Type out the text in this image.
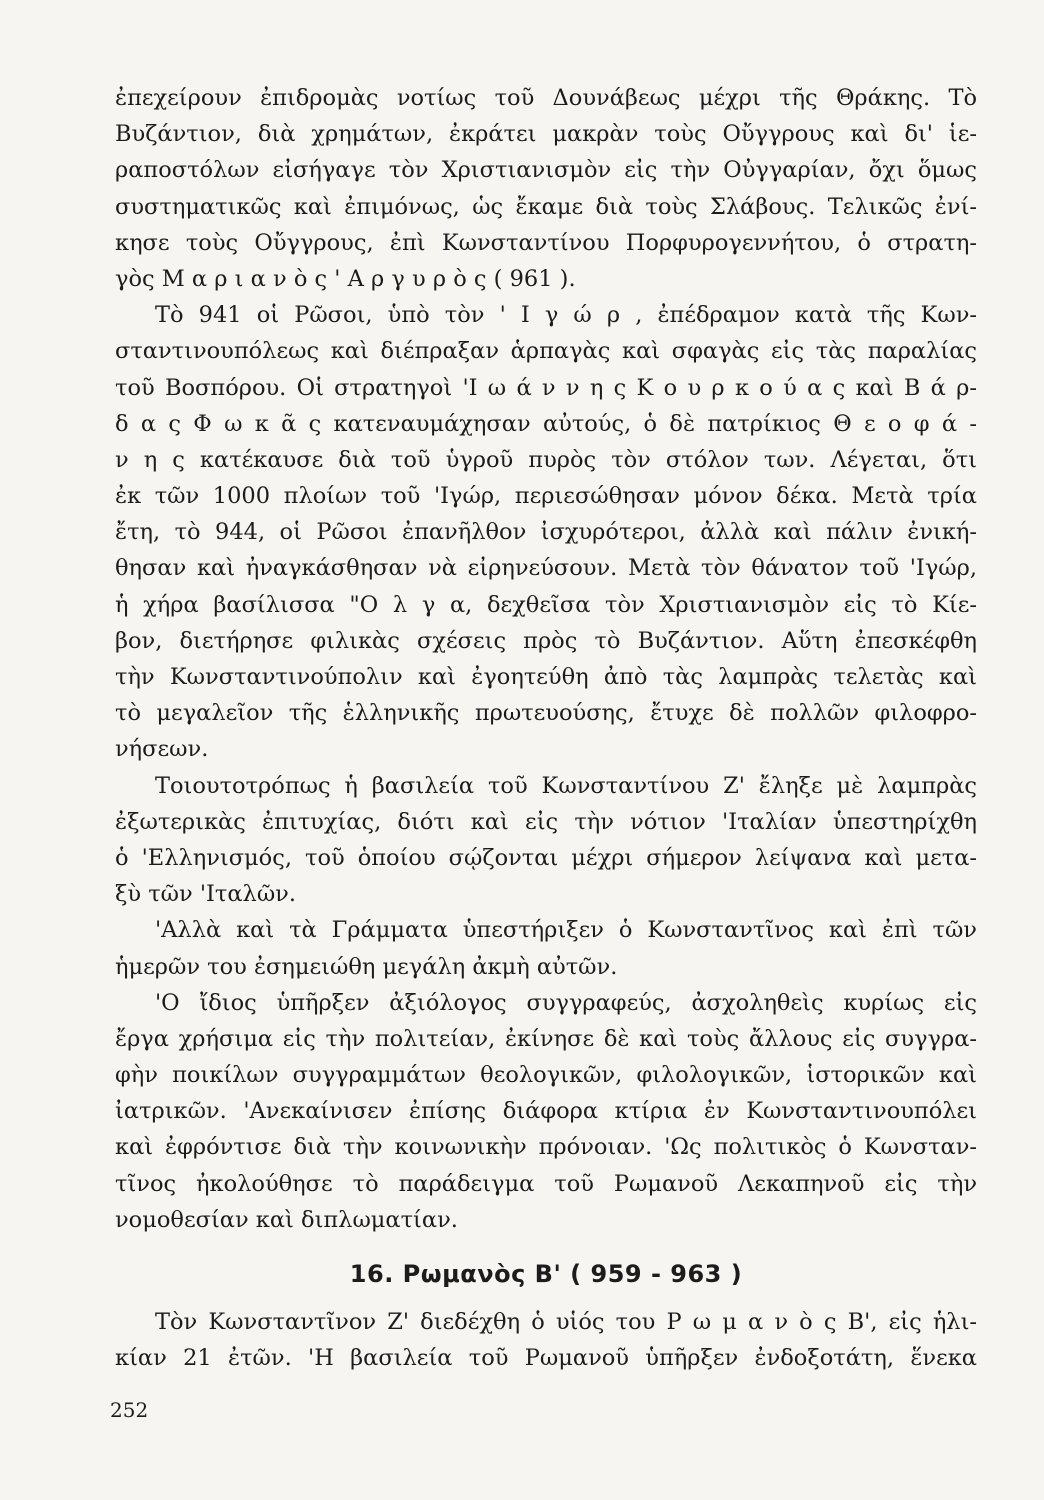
ἐπεχείρουν ἐπιδρομὰς νοτίως τοῦ Δουνάβεως μέχρι τῆς Θράκης. Τὸ
Βυζάντιον, διὰ χρημάτων, ἐκράτει μακρὰν τοὺς Οὔγγρους καὶ δι' ἱε-
ραποστόλων εἰσήγαγε τὸν Χριστιανισμὸν εἰς τὴν Οὐγγαρίαν, ὄχι ὅμως
συστηματικῶς καὶ ἐπιμόνως, ὡς ἔκαμε διὰ τοὺς Σλάβους. Τελικῶς ἐνί-
κησε τοὺς Οὔγγρους, ἐπὶ Κωνσταντίνου Πορφυρογεννήτου, ὁ στρατη-
γὸς Μ α ρ ι α ν ὸ ς ' Α ρ γ υ ρ ὸ ς ( 961 ).
Τὸ 941 οἱ Ρῶσοι, ὑπὸ τὸν ' Ι γ ώ ρ , ἐπέδραμον κατὰ τῆς Κων-
σταντινουπόλεως καὶ διέπραξαν ἁρπαγὰς καὶ σφαγὰς εἰς τὰς παραλίας
τοῦ Βοσπόρου. Οἱ στρατηγοὶ 'Ι ω ά ν ν η ς Κ ο υ ρ κ ο ύ α ς καὶ Β ά ρ-
δ α ς Φ ω κ ᾶ ς κατεναυμάχησαν αὐτούς, ὁ δὲ πατρίκιος Θ ε ο φ ά -
ν η ς κατέκαυσε διὰ τοῦ ὑγροῦ πυρὸς τὸν στόλον των. Λέγεται, ὅτι
ἐκ τῶν 1000 πλοίων τοῦ 'Ιγώρ, περιεσώθησαν μόνον δέκα. Μετὰ τρία
ἔτη, τὸ 944, οἱ Ρῶσοι ἐπανῆλθον ἰσχυρότεροι, ἀλλὰ καὶ πάλιν ἐνική-
θησαν καὶ ἠναγκάσθησαν νὰ εἰρηνεύσουν. Μετὰ τὸν θάνατον τοῦ 'Ιγώρ,
ἡ χήρα βασίλισσα "Ο λ γ α, δεχθεῖσα τὸν Χριστιανισμὸν εἰς τὸ Κίε-
βον, διετήρησε φιλικὰς σχέσεις πρὸς τὸ Βυζάντιον. Αὕτη ἐπεσκέφθη
τὴν Κωνσταντινούπολιν καὶ ἐγοητεύθη ἀπὸ τὰς λαμπρὰς τελετὰς καὶ
τὸ μεγαλεῖον τῆς ἑλληνικῆς πρωτευούσης, ἔτυχε δὲ πολλῶν φιλοφρο-
νήσεων.
Τοιουτοτρόπως ἡ βασιλεία τοῦ Κωνσταντίνου Ζ' ἔληξε μὲ λαμπρὰς
ἐξωτερικὰς ἐπιτυχίας, διότι καὶ εἰς τὴν νότιον 'Ιταλίαν ὑπεστηρίχθη
ὁ 'Ελληνισμός, τοῦ ὁποίου σῴζονται μέχρι σήμερον λείψανα καὶ μετα-
ξὺ τῶν 'Ιταλῶν.
'Αλλὰ καὶ τὰ Γράμματα ὑπεστήριξεν ὁ Κωνσταντῖνος καὶ ἐπὶ τῶν
ἡμερῶν του ἐσημειώθη μεγάλη ἀκμὴ αὐτῶν.
'Ο ἴδιος ὑπῆρξεν ἀξιόλογος συγγραφεύς, ἀσχοληθεὶς κυρίως εἰς
ἔργα χρήσιμα εἰς τὴν πολιτείαν, ἐκίνησε δὲ καὶ τοὺς ἄλλους εἰς συγγρα-
φὴν ποικίλων συγγραμμάτων θεολογικῶν, φιλολογικῶν, ἱστορικῶν καὶ
ἰατρικῶν. 'Ανεκαίνισεν ἐπίσης διάφορα κτίρια ἐν Κωνσταντινουπόλει
καὶ ἐφρόντισε διὰ τὴν κοινωνικὴν πρόνοιαν. 'Ως πολιτικὸς ὁ Κωνσταν-
τῖνος ἠκολούθησε τὸ παράδειγμα τοῦ Ρωμανοῦ Λεκαπηνοῦ εἰς τὴν
νομοθεσίαν καὶ διπλωματίαν.
16. Ρωμανὸς Β' ( 959 - 963 )
Τὸν Κωνσταντῖνον Ζ' διεδέχθη ὁ υἱός του Ρ ω μ α ν ὸ ς Β', εἰς ἡλι-
κίαν 21 ἐτῶν. 'Η βασιλεία τοῦ Ρωμανοῦ ὑπῆρξεν ἐνδοξοτάτη, ἕνεκα
252
